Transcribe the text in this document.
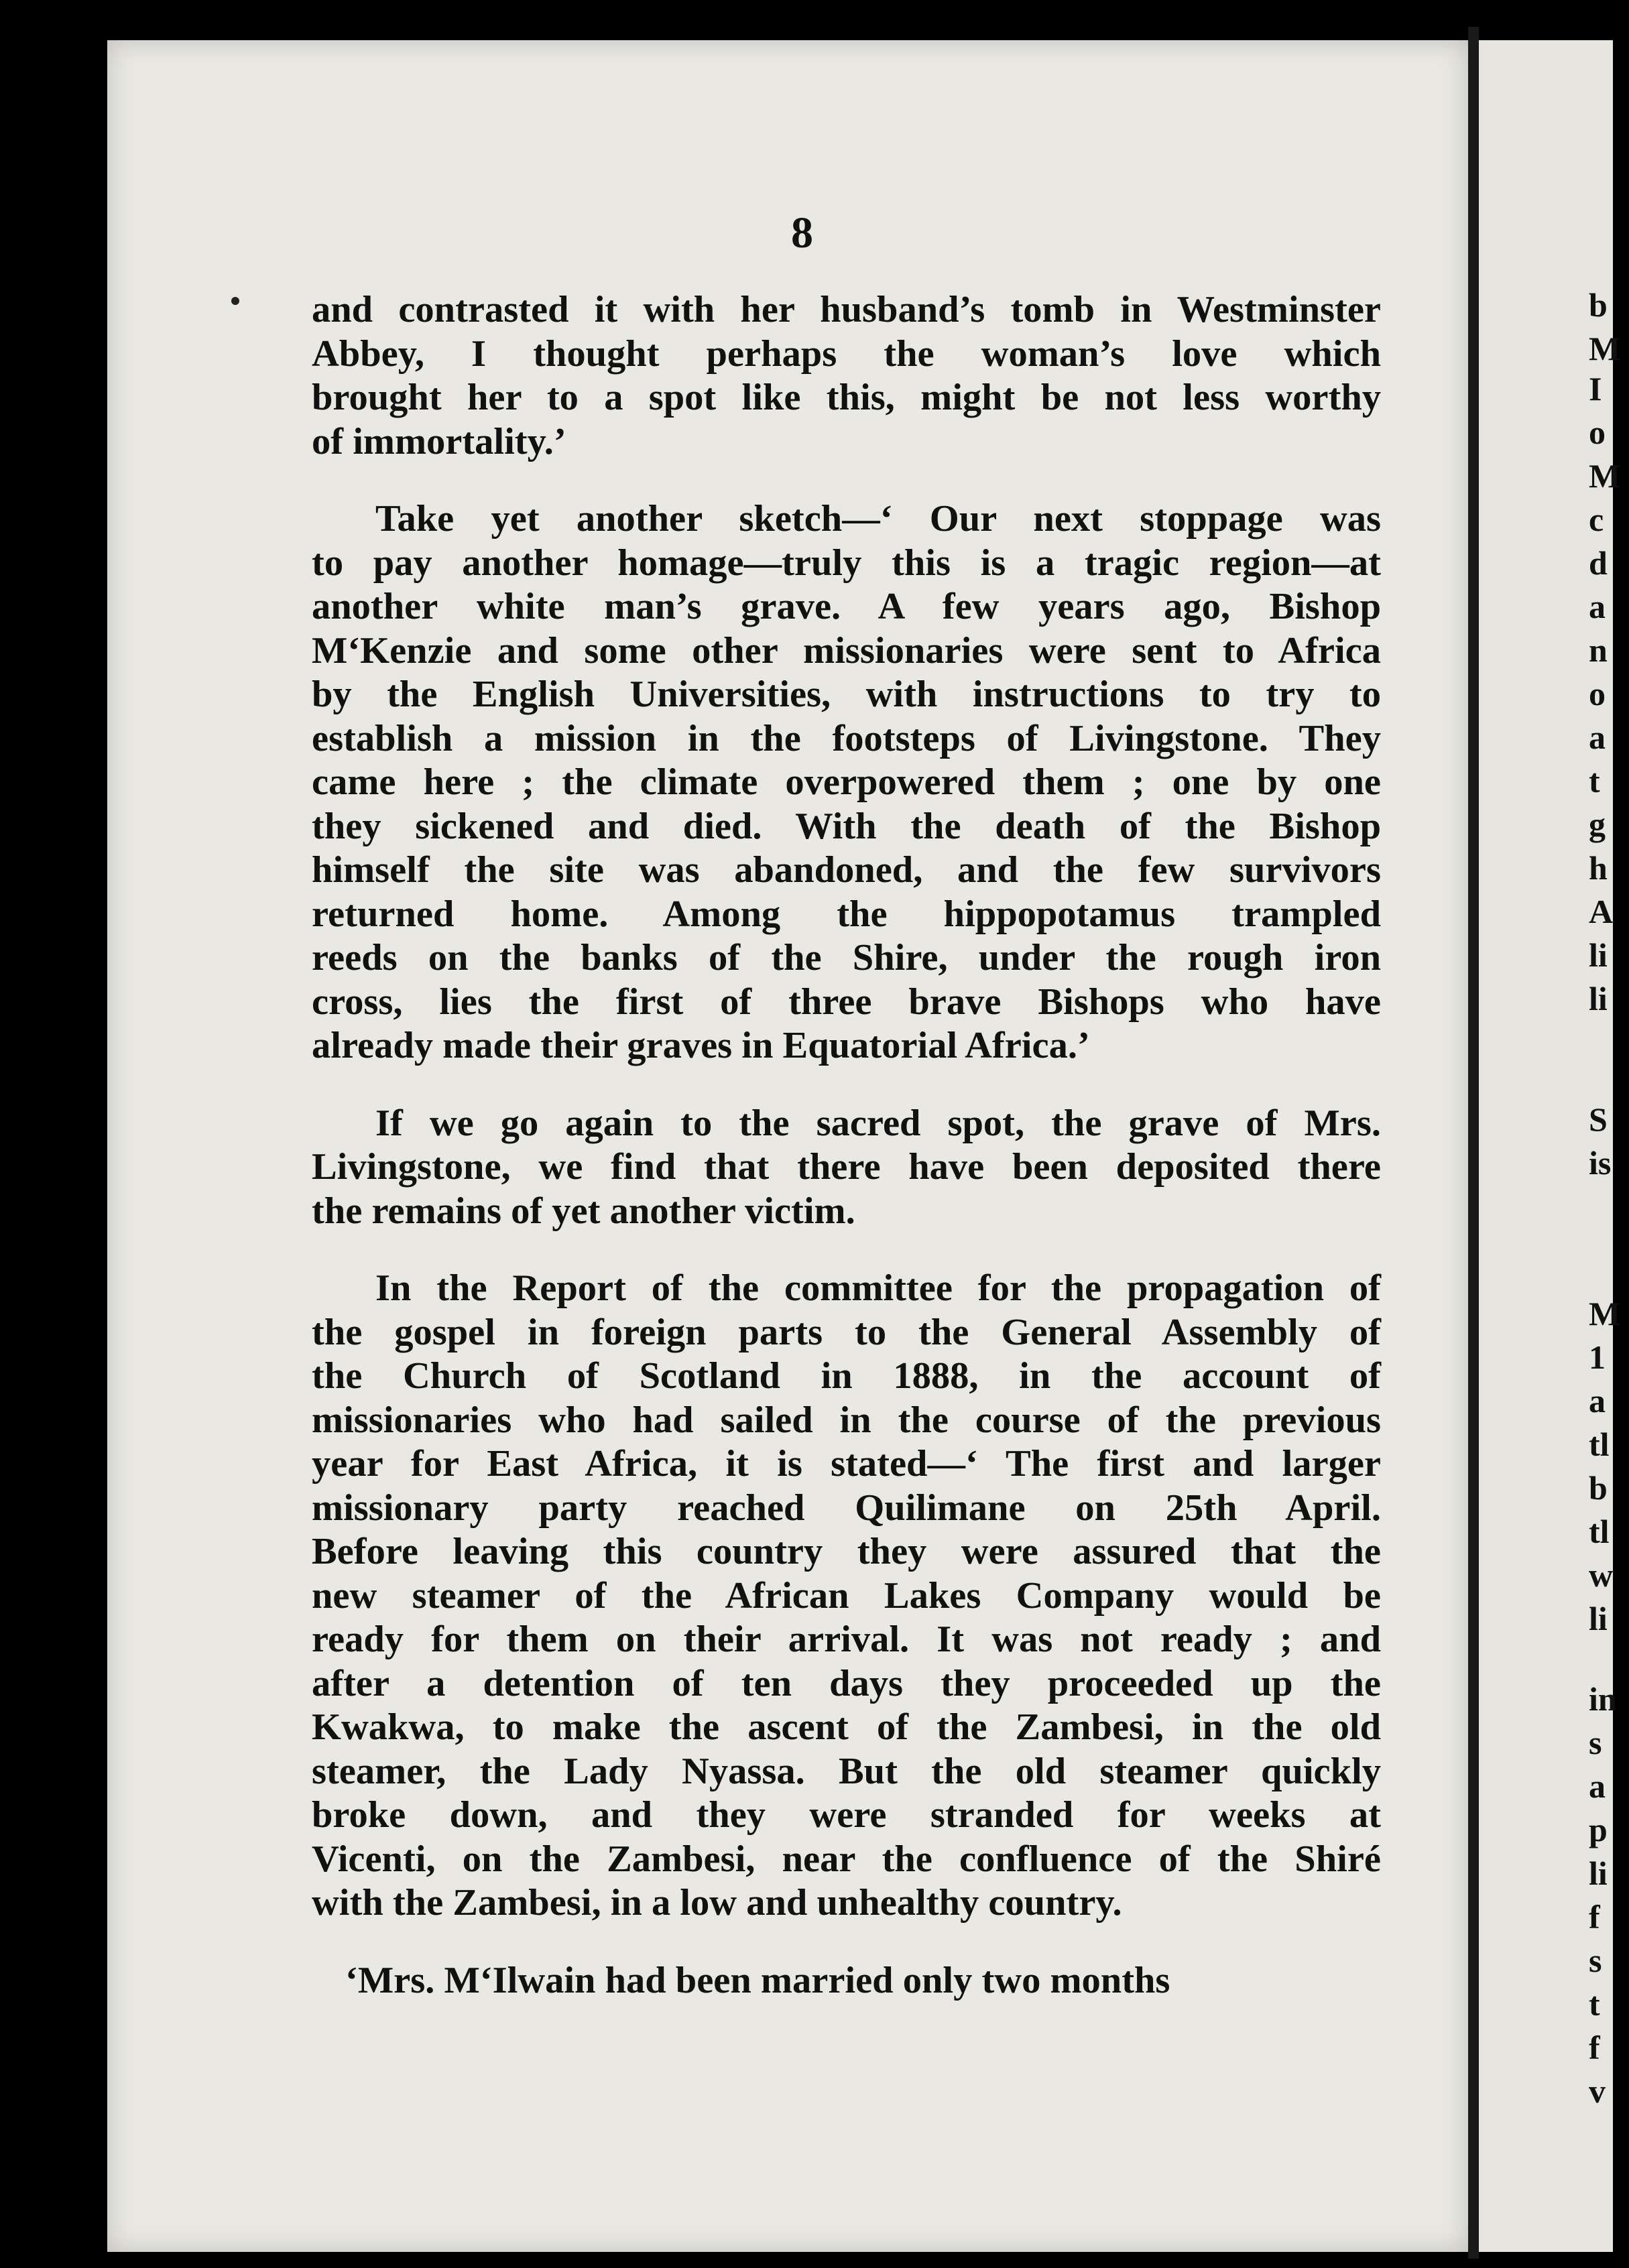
b
M
I
o
M
c
d
a
n
o
a
t
g
h
A
li
li
S
is
M
1
a
tl
b
tl
w
li
in
s
a
p
li
f
s
t
f
v
8
and contrasted it with her husband’s tomb in Westminster
Abbey, I thought perhaps the woman’s love which
brought her to a spot like this, might be not less worthy
of immortality.’
Take yet another sketch—‘ Our next stoppage was
to pay another homage—truly this is a tragic region—at
another white man’s grave. A few years ago, Bishop
M‘Kenzie and some other missionaries were sent to Africa
by the English Universities, with instructions to try to
establish a mission in the footsteps of Livingstone. They
came here ; the climate overpowered them ; one by one
they sickened and died. With the death of the Bishop
himself the site was abandoned, and the few survivors
returned home. Among the hippopotamus trampled
reeds on the banks of the Shire, under the rough iron
cross, lies the first of three brave Bishops who have
already made their graves in Equatorial Africa.’
If we go again to the sacred spot, the grave of Mrs.
Livingstone, we find that there have been deposited there
the remains of yet another victim.
In the Report of the committee for the propagation of
the gospel in foreign parts to the General Assembly of
the Church of Scotland in 1888, in the account of
missionaries who had sailed in the course of the previous
year for East Africa, it is stated—‘ The first and larger
missionary party reached Quilimane on 25th April.
Before leaving this country they were assured that the
new steamer of the African Lakes Company would be
ready for them on their arrival. It was not ready ; and
after a detention of ten days they proceeded up the
Kwakwa, to make the ascent of the Zambesi, in the old
steamer, the Lady Nyassa. But the old steamer quickly
broke down, and they were stranded for weeks at
Vicenti, on the Zambesi, near the confluence of the Shiré
with the Zambesi, in a low and unhealthy country.
‘Mrs. M‘Ilwain had been married only two months
